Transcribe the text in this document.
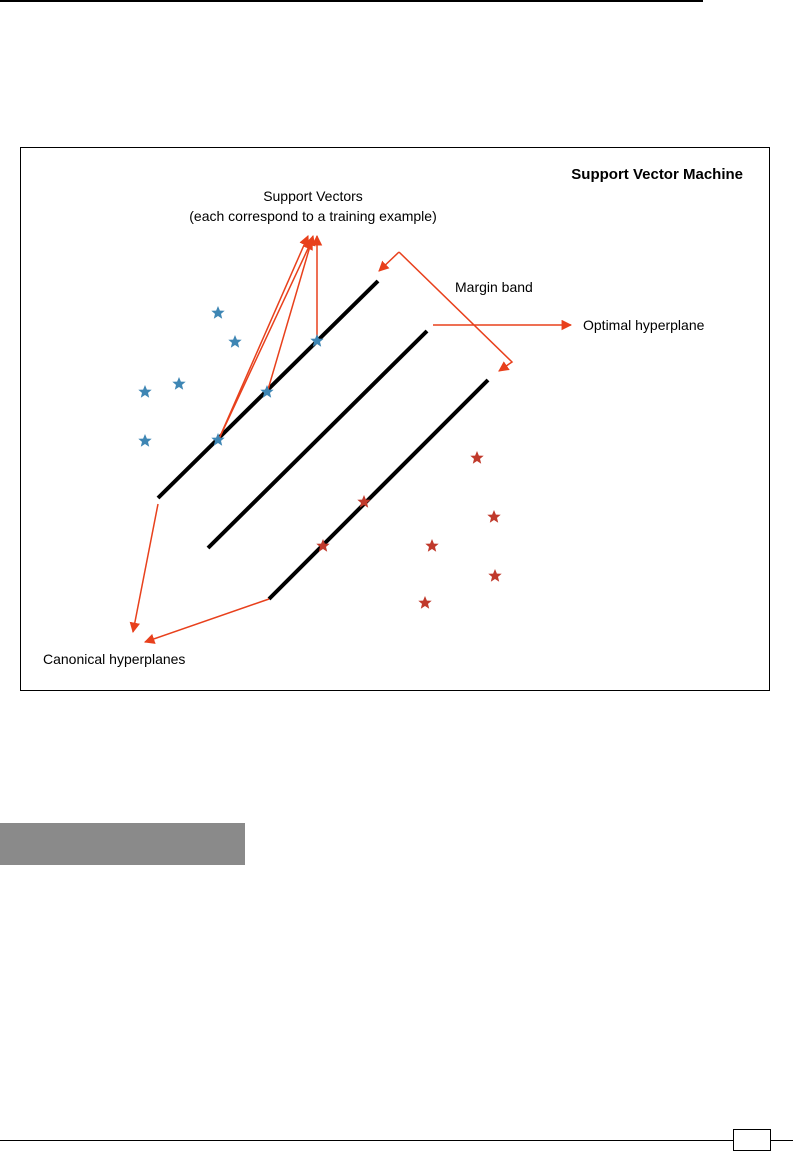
Support Vector Machine
Support Vectors
(each correspond to a training example)
Margin band
Optimal hyperplane
Canonical hyperplanes
